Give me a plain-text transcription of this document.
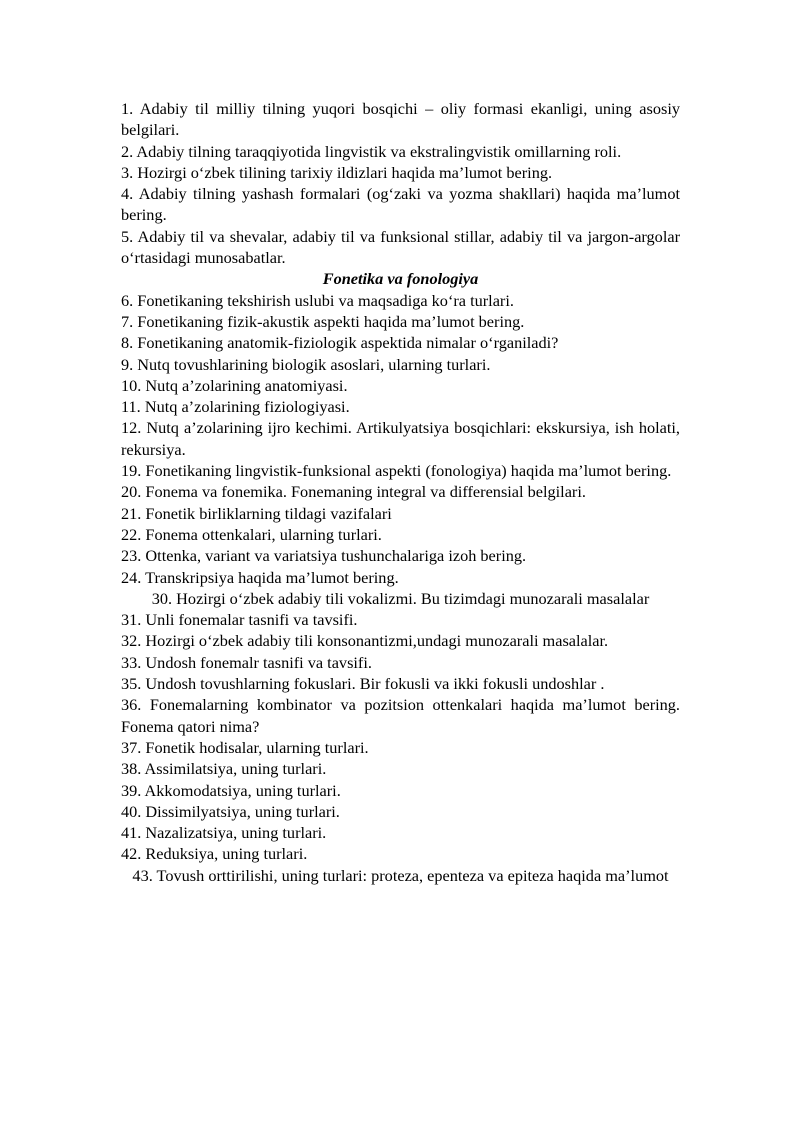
1. Adabiy til milliy tilning yuqori bosqichi – oliy formasi ekanligi, uning asosiy belgilari.

2. Adabiy tilning taraqqiyotida lingvistik va ekstralingvistik omillarning roli.

3. Hozirgi oʻzbek tilining tarixiy ildizlari haqida maʼlumot bering.

4. Adabiy tilning yashash formalari (ogʻzaki va yozma shakllari) haqida maʼlumot bering.

5. Adabiy til va shevalar, adabiy til va funksional stillar, adabiy til va jargon-argolar oʻrtasidagi munosabatlar.

Fonetika va fonologiya

6. Fonetikaning tekshirish uslubi va maqsadiga koʻra turlari.

7. Fonetikaning fizik-akustik aspekti haqida maʼlumot bering.

8. Fonetikaning anatomik-fiziologik aspektida nimalar oʻrganiladi?

9. Nutq tovushlarining biologik asoslari, ularning turlari.

10. Nutq a’zolarining anatomiyasi.

11. Nutq a’zolarining fiziologiyasi.

12. Nutq a’zolarining ijro kechimi. Artikulyatsiya bosqichlari: ekskursiya, ish holati, rekursiya.

19. Fonetikaning lingvistik-funksional aspekti (fonologiya) haqida ma’lumot bering.

20. Fonema va fonemika. Fonemaning integral va differensial belgilari.

21. Fonetik birliklarning tildagi vazifalari

22. Fonema ottenkalari, ularning turlari.

23. Ottenka, variant va variatsiya tushunchalariga izoh bering.

24. Transkripsiya haqida ma’lumot bering.

30. Hozirgi oʻzbek adabiy tili vokalizmi. Bu tizimdagi munozarali masalalar

31. Unli fonemalar tasnifi va tavsifi.

32. Hozirgi oʻzbek adabiy tili konsonantizmi,undagi munozarali masalalar.

33. Undosh fonemalr tasnifi va tavsifi.

35. Undosh tovushlarning fokuslari. Bir fokusli va ikki fokusli undoshlar .

36. Fonemalarning kombinator va pozitsion ottenkalari haqida ma’lumot bering. Fonema qatori nima?

37. Fonetik hodisalar, ularning turlari.

38. Assimilatsiya, uning turlari.

39. Akkomodatsiya, uning turlari.

40. Dissimilyatsiya, uning turlari.

41. Nazalizatsiya, uning turlari.

42. Reduksiya, uning turlari.

43. Tovush orttirilishi, uning turlari: proteza, epenteza va epiteza haqida ma’lumot
